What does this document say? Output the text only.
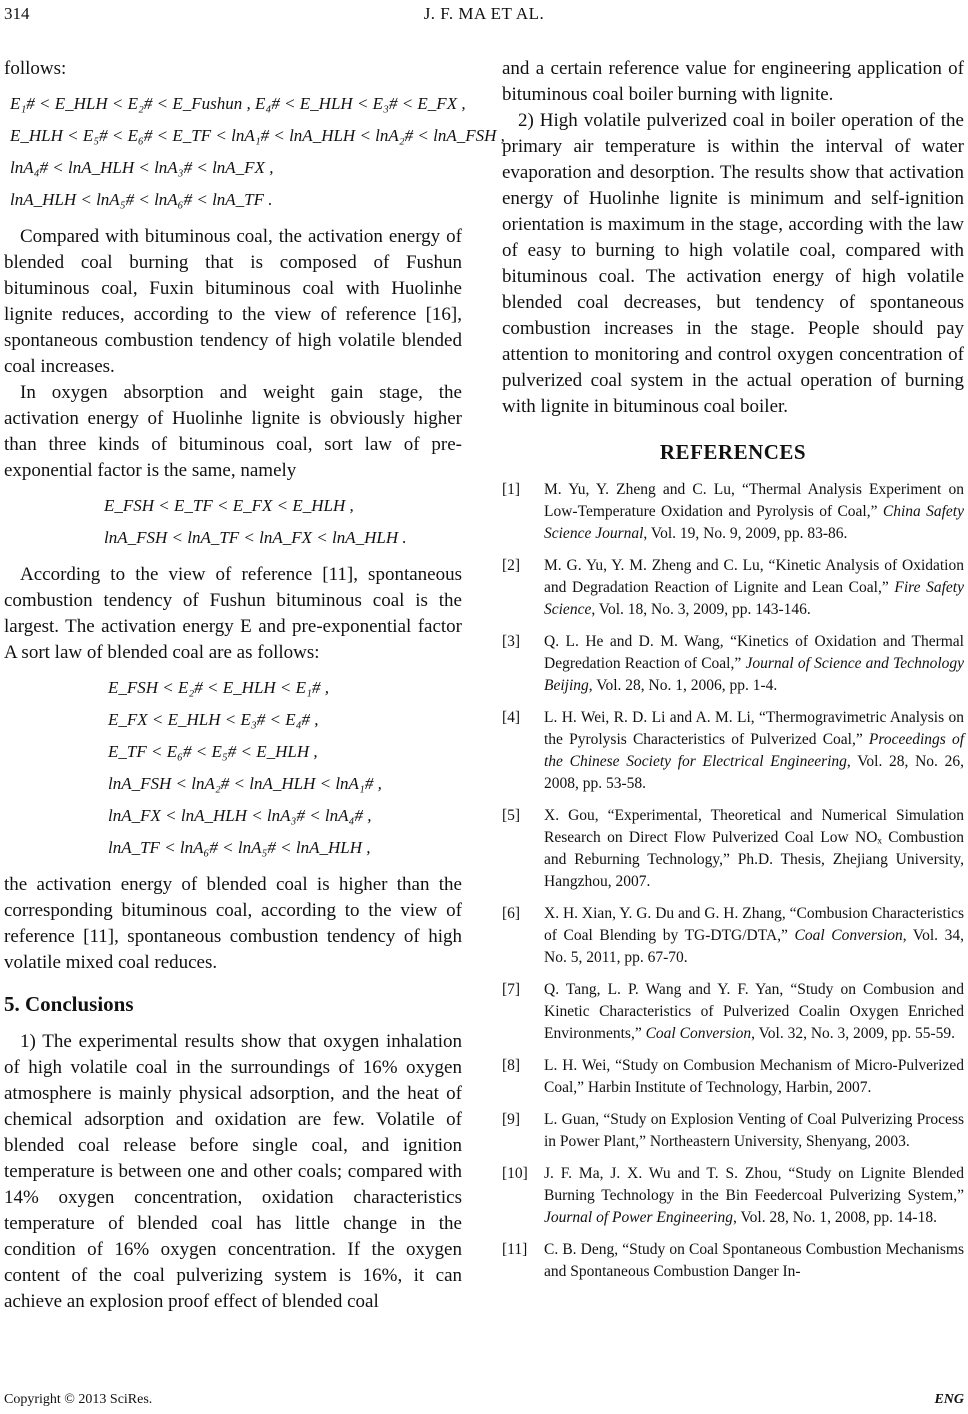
314	J. F. MA ET AL.

follows:

E₁# < E_HLH < E₂# < E_Fushun , E₄# < E_HLH < E₃# < E_FX ,
E_HLH < E₅# < E₆# < E_TF < lnA₁# < lnA_HLH < lnA₂# < lnA_FSH ,
lnA₄# < lnA_HLH < lnA₃# < lnA_FX ,
lnA_HLH < lnA₅# < lnA₆# < lnA_TF .

Compared with bituminous coal, the activation energy of blended coal burning that is composed of Fushun bituminous coal, Fuxin bituminous coal with Huolinhe lignite reduces, according to the view of reference [16], spontaneous combustion tendency of high volatile blended coal increases.

In oxygen absorption and weight gain stage, the activation energy of Huolinhe lignite is obviously higher than three kinds of bituminous coal, sort law of pre-exponential factor is the same, namely

E_FSH < E_TF < E_FX < E_HLH ,
lnA_FSH < lnA_TF < lnA_FX < lnA_HLH .

According to the view of reference [11], spontaneous combustion tendency of Fushun bituminous coal is the largest. The activation energy E and pre-exponential factor A sort law of blended coal are as follows:

E_FSH < E₂# < E_HLH < E₁# ,
E_FX < E_HLH < E₃# < E₄# ,
E_TF < E₆# < E₅# < E_HLH ,
lnA_FSH < lnA₂# < lnA_HLH < lnA₁# ,
lnA_FX < lnA_HLH < lnA₃# < lnA₄# ,
lnA_TF < lnA₆# < lnA₅# < lnA_HLH ,

the activation energy of blended coal is higher than the corresponding bituminous coal, according to the view of reference [11], spontaneous combustion tendency of high volatile mixed coal reduces.

5. Conclusions

1) The experimental results show that oxygen inhalation of high volatile coal in the surroundings of 16% oxygen atmosphere is mainly physical adsorption, and the heat of chemical adsorption and oxidation are few. Volatile of blended coal release before single coal, and ignition temperature is between one and other coals; compared with 14% oxygen concentration, oxidation characteristics temperature of blended coal has little change in the condition of 16% oxygen concentration. If the oxygen content of the coal pulverizing system is 16%, it can achieve an explosion proof effect of blended coal

and a certain reference value for engineering application of bituminous coal boiler burning with lignite.

2) High volatile pulverized coal in boiler operation of the primary air temperature is within the interval of water evaporation and desorption. The results show that activation energy of Huolinhe lignite is minimum and self-ignition orientation is maximum in the stage, according with the law of easy to burning to high volatile coal, compared with bituminous coal. The activation energy of high volatile blended coal decreases, but tendency of spontaneous combustion increases in the stage. People should pay attention to monitoring and control oxygen concentration of pulverized coal system in the actual operation of burning with lignite in bituminous coal boiler.

REFERENCES
[1] M. Yu, Y. Zheng and C. Lu, “Thermal Analysis Experiment on Low-Temperature Oxidation and Pyrolysis of Coal,” China Safety Science Journal, Vol. 19, No. 9, 2009, pp. 83-86.
[2] M. G. Yu, Y. M. Zheng and C. Lu, “Kinetic Analysis of Oxidation and Degradation Reaction of Lignite and Lean Coal,” Fire Safety Science, Vol. 18, No. 3, 2009, pp. 143-146.
[3] Q. L. He and D. M. Wang, “Kinetics of Oxidation and Thermal Degredation Reaction of Coal,” Journal of Science and Technology Beijing, Vol. 28, No. 1, 2006, pp. 1-4.
[4] L. H. Wei, R. D. Li and A. M. Li, “Thermogravimetric Analysis on the Pyrolysis Characteristics of Pulverized Coal,” Proceedings of the Chinese Society for Electrical Engineering, Vol. 28, No. 26, 2008, pp. 53-58.
[5] X. Gou, “Experimental, Theoretical and Numerical Simulation Research on Direct Flow Pulverized Coal Low NOₓ Combustion and Reburning Technology,” Ph.D. Thesis, Zhejiang University, Hangzhou, 2007.
[6] X. H. Xian, Y. G. Du and G. H. Zhang, “Combusion Characteristics of Coal Blending by TG-DTG/DTA,” Coal Conversion, Vol. 34, No. 5, 2011, pp. 67-70.
[7] Q. Tang, L. P. Wang and Y. F. Yan, “Study on Combusion and Kinetic Characteristics of Pulverized Coalin Oxygen Enriched Environments,” Coal Conversion, Vol. 32, No. 3, 2009, pp. 55-59.
[8] L. H. Wei, “Study on Combusion Mechanism of Micro-Pulverized Coal,” Harbin Institute of Technology, Harbin, 2007.
[9] L. Guan, “Study on Explosion Venting of Coal Pulverizing Process in Power Plant,” Northeastern University, Shenyang, 2003.
[10] J. F. Ma, J. X. Wu and T. S. Zhou, “Study on Lignite Blended Burning Technology in the Bin Feedercoal Pulverizing System,” Journal of Power Engineering, Vol. 28, No. 1, 2008, pp. 14-18.
[11] C. B. Deng, “Study on Coal Spontaneous Combustion Mechanisms and Spontaneous Combustion Danger In-
Copyright © 2013 SciRes.	ENG
